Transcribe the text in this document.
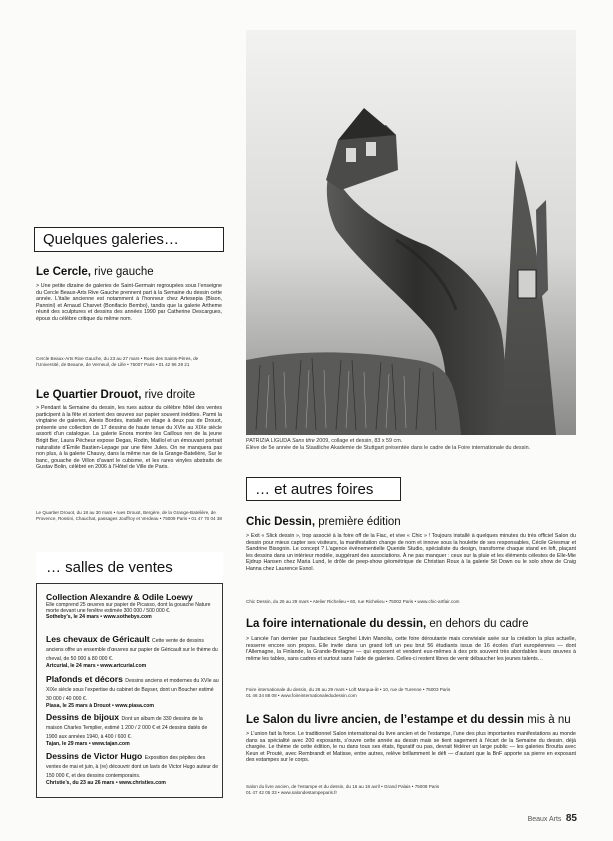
Quelques galeries…
Le Cercle, rive gauche
> Une petite dizaine de galeries de Saint-Germain regroupées sous l’enseigne du Cercle Beaux-Arts Rive Gauche prennent part à la Semaine du dessin cette année. L’italie ancienne est notamment à l’honneur chez Artesepia (Bison, Pannini) et Arnaud Charvet (Bonifacio Bembo), tandis que la galerie Artheme réunit des sculptures et dessins des années 1990 par Catherine Descargues, époux du célèbre critique du même nom.
Cercle Beaux-Arts Rive Gauche, du 23 au 27 mars • Rues des Saints-Pères, de l’Université, de Beaune, de Verneuil, de Lille • 75007 Paris • 01 42 96 29 21
Le Quartier Drouot, rive droite
> Pendant la Semaine du dessin, les rues autour du célèbre hôtel des ventes participent à la fête et sortent des œuvres sur papier souvent inédites. Parmi la vingtaine de galeries, Alexis Bordes, installé en étage à deux pas de Drouot, présente une collection de 17 dessins de haute tenue du XVIe au XIXe siècle assorti d’un catalogue. La galerie Enora montre les Cailloux ren de la jeune Brigit Ber, Laura Pécheur expose Degas, Rodin, Maillol et un émouvant portrait naturaliste d’Émile Bastien-Lepage par une fière Jules. On ne manquera pas non plus, à la galerie Chauvy, dans la même rue de la Grange-Batelière, Sur le banc, gouache de Villon d’avant le cubisme, et les rares vinyles abstraits de Gustav Bolin, célébré en 2006 à l’Hôtel de Ville de Paris.
Le Quartier Drouot, du 18 au 30 mars • rues Drouot, Bergère, de la Grange-Batelière, de Provence, Rossini, Chauchat, passages Jouffroy et Verdeau • 75009 Paris • 01 47 70 04 38
… salles de ventes
Collection Alexandre & Odile Loewy
Elle comprend 25 œuvres sur papier de Picasso, dont la gouache Nature morte devant une fenêtre estimée 300 000 / 500 000 €.
Sotheby’s, le 24 mars • www.sothebys.com
Les chevaux de Géricault Cette vente de dessins anciens offre un ensemble d’œuvres sur papier de Géricault sur le thème du cheval, de 50 000 à 80 000 €.
Artcurial, le 24 mars • www.artcurial.com
Plafonds et décors Dessins anciens et modernes du XVIe au XIXe siècle sous l’expertise du cabinet de Bayser, dont un Boucher estimé 30 000 / 40 000 €.
Piasa, le 25 mars à Drouot • www.piasa.com
Dessins de bijoux Dont un album de 330 dessins de la maison Charles Templier, estimé 1 200 / 2 000 € et 24 dessins datés de 1900 aux années 1940, à 400 / 600 €.
Tajan, le 29 mars • www.tajan.com
Dessins de Victor Hugo Exposition des pépites des ventes de mai et juin, à (re) découvrir dont un lavis de Victor Hugo auteur de 150 000 €, et des dessins contemporains.
Christie’s, du 23 au 26 mars • www.christies.com
PATRIZIA LIGUDA Sans titre 2009, collage et dessin, 83 x 59 cm.
Élève de 5e année de la Staatliche Akademie de Stuttgart présentée dans le cadre de la Foire internationale du dessin.
… et autres foires
Chic Dessin, première édition
> Exit « Slick dessin », trop associé à la foire off de la Fiac, et vive « Chic » ! Toujours installé à quelques minutes du très officiel Salon du dessin pour mieux capter ses visiteurs, la manifestation change de nom et innove sous la houlette de ses responsables, Cécile Griesmar et Sandrine Bisognin. Le concept ? L’agence événementielle Queride Studio, spécialiste du design, transforme chaque stand en loft, plaçant les dessins dans un intérieur modèle, suggérant des associations. À ne pas manquer : ceux sur la pluie et les éléments célestes de Elle-Mie Ejdrup Hansen chez Maria Lund, le drôle de peep-show géométrique de Christian Roux à la galerie Sit Down ou le solo show de Craig Hanna chez Laurence Esnol.
Chic Dessin, du 26 au 29 mars • Atelier Richelieu • 60, rue Richelieu • 75002 Paris • www.chic-artfair.com
La foire internationale du dessin, en dehors du cadre
> Lancée l’an dernier par l’audacieux Serghei Litvin Manoliu, cette foire déroutante mais conviviale axée sur la création la plus actuelle, resserre encore son propos. Elle invite dans un grand loft un peu brut 56 étudiants issus de 16 écoles d’art européennes — dont l’Allemagne, la Finlande, la Grande-Bretagne — qui exposent et vendent eux-mêmes à des prix souvent très abordables leurs œuvres à même les tables, sans cadres et surtout sans l’aide de galeries. Celles-ci restent libres de venir débaucher les jeunes talents…
Foire internationale du dessin, du 26 au 29 mars • Loft Marqua-ât • 10, rue de Turenne • 75003 Paris
01 46 34 88 08 • www.foireinternationaledudessin.com
Le Salon du livre ancien, de l’estampe et du dessin mis à nu
> L’union fait la force. Le traditionnel Salon international du livre ancien et de l’estampe, l’une des plus importantes manifestations au monde dans sa spécialité avec 200 exposants, s’ouvre cette année au dessin mais se tient sagement à l’écart de la Semaine du dessin, déjà chargée. Le thème de cette édition, le nu dans tous ses états, figuratif ou pas, devrait fédérer un large public — les galeries Brouttа avec Keun et Prouté, avec Rembrandt et Matisse, entre autres, relève brillamment le défi — d’autant que la BnF apporte sa pierre en exposant des estampes sur le corps.
Salon du livre ancien, de l’estampe et du dessin, du 16 au 18 avril • Grand Palais • 75008 Paris
01 47 42 05 33 • www.salondestampeparis.fr
Beaux Arts 85
